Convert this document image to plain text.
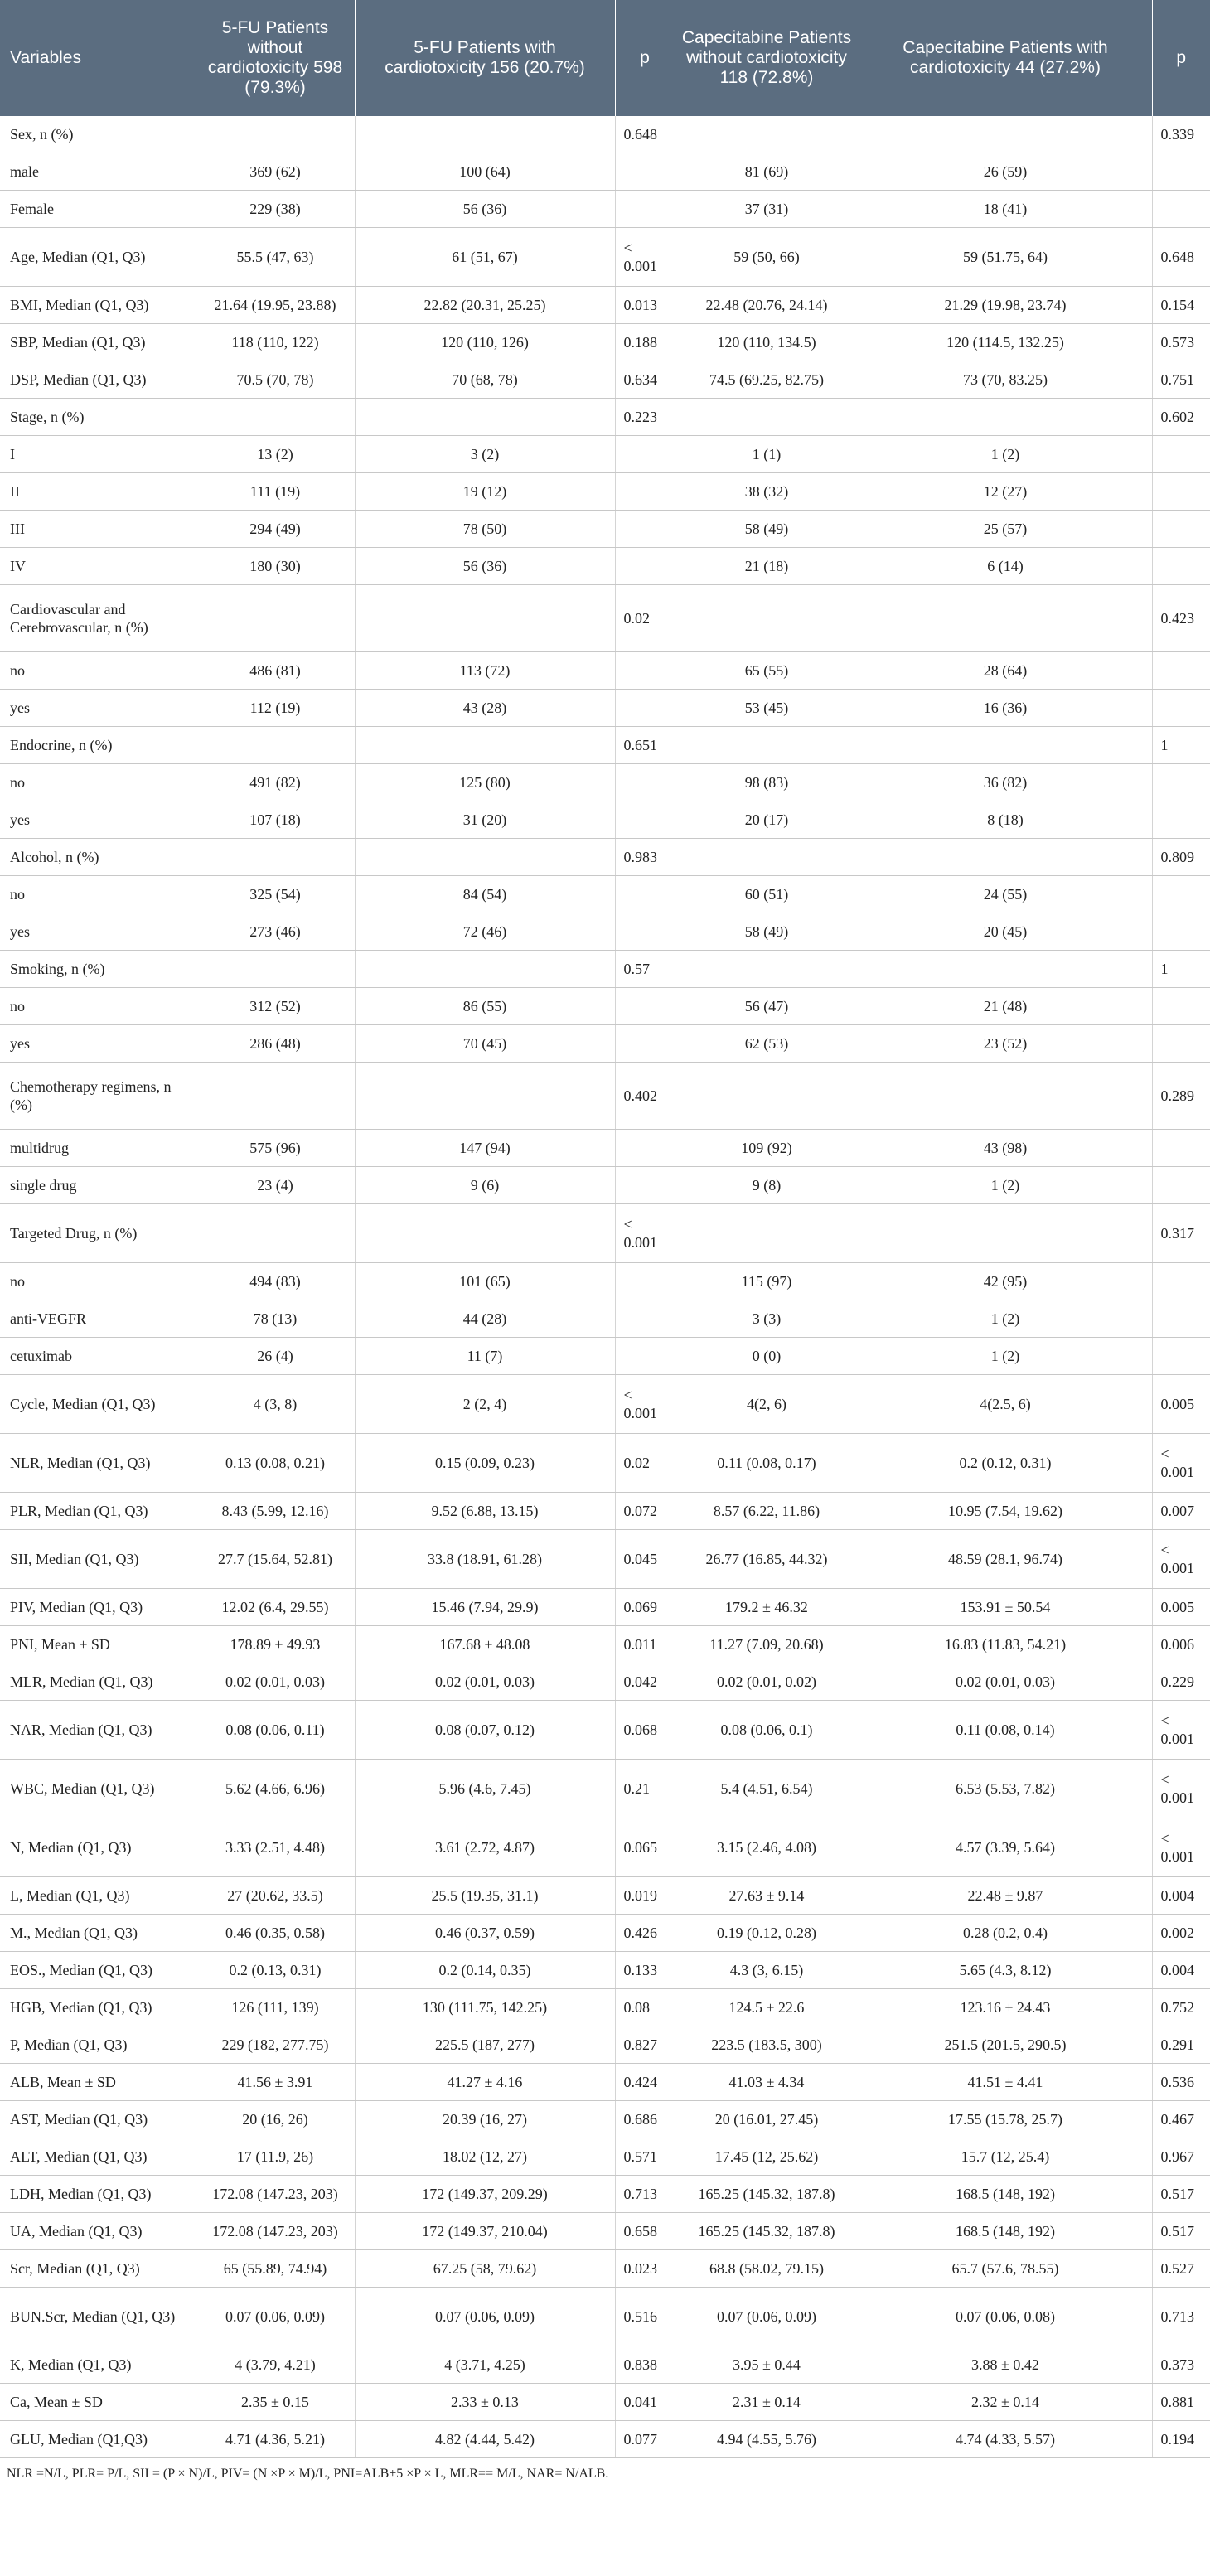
Variables	5-FU Patients without cardiotoxicity 598 (79.3%)	5-FU Patients with cardiotoxicity 156 (20.7%)	p	Capecitabine Patients without cardiotoxicity 118 (72.8%)	Capecitabine Patients with cardiotoxicity 44 (27.2%)	p
Sex, n (%)			0.648			0.339
male	369 (62)	100 (64)		81 (69)	26 (59)	
Female	229 (38)	56 (36)		37 (31)	18 (41)	
Age, Median (Q1, Q3)	55.5 (47, 63)	61 (51, 67)	< 0.001	59 (50, 66)	59 (51.75, 64)	0.648
BMI, Median (Q1, Q3)	21.64 (19.95, 23.88)	22.82 (20.31, 25.25)	0.013	22.48 (20.76, 24.14)	21.29 (19.98, 23.74)	0.154
SBP, Median (Q1, Q3)	118 (110, 122)	120 (110, 126)	0.188	120 (110, 134.5)	120 (114.5, 132.25)	0.573
DSP, Median (Q1, Q3)	70.5 (70, 78)	70 (68, 78)	0.634	74.5 (69.25, 82.75)	73 (70, 83.25)	0.751
Stage, n (%)			0.223			0.602
I	13 (2)	3 (2)		1 (1)	1 (2)	
II	111 (19)	19 (12)		38 (32)	12 (27)	
III	294 (49)	78 (50)		58 (49)	25 (57)	
IV	180 (30)	56 (36)		21 (18)	6 (14)	
Cardiovascular and Cerebrovascular, n (%)			0.02			0.423
no	486 (81)	113 (72)		65 (55)	28 (64)	
yes	112 (19)	43 (28)		53 (45)	16 (36)	
Endocrine, n (%)			0.651			1
no	491 (82)	125 (80)		98 (83)	36 (82)	
yes	107 (18)	31 (20)		20 (17)	8 (18)	
Alcohol, n (%)			0.983			0.809
no	325 (54)	84 (54)		60 (51)	24 (55)	
yes	273 (46)	72 (46)		58 (49)	20 (45)	
Smoking, n (%)			0.57			1
no	312 (52)	86 (55)		56 (47)	21 (48)	
yes	286 (48)	70 (45)		62 (53)	23 (52)	
Chemotherapy regimens, n (%)			0.402			0.289
multidrug	575 (96)	147 (94)		109 (92)	43 (98)	
single drug	23 (4)	9 (6)		9 (8)	1 (2)	
Targeted Drug, n (%)			< 0.001			0.317
no	494 (83)	101 (65)		115 (97)	42 (95)	
anti-VEGFR	78 (13)	44 (28)		3 (3)	1 (2)	
cetuximab	26 (4)	11 (7)		0 (0)	1 (2)	
Cycle, Median (Q1, Q3)	4 (3, 8)	2 (2, 4)	< 0.001	4(2, 6)	4(2.5, 6)	0.005
NLR, Median (Q1, Q3)	0.13 (0.08, 0.21)	0.15 (0.09, 0.23)	0.02	0.11 (0.08, 0.17)	0.2 (0.12, 0.31)	< 0.001
PLR, Median (Q1, Q3)	8.43 (5.99, 12.16)	9.52 (6.88, 13.15)	0.072	8.57 (6.22, 11.86)	10.95 (7.54, 19.62)	0.007
SII, Median (Q1, Q3)	27.7 (15.64, 52.81)	33.8 (18.91, 61.28)	0.045	26.77 (16.85, 44.32)	48.59 (28.1, 96.74)	< 0.001
PIV, Median (Q1, Q3)	12.02 (6.4, 29.55)	15.46 (7.94, 29.9)	0.069	179.2 ± 46.32	153.91 ± 50.54	0.005
PNI, Mean ± SD	178.89 ± 49.93	167.68 ± 48.08	0.011	11.27 (7.09, 20.68)	16.83 (11.83, 54.21)	0.006
MLR, Median (Q1, Q3)	0.02 (0.01, 0.03)	0.02 (0.01, 0.03)	0.042	0.02 (0.01, 0.02)	0.02 (0.01, 0.03)	0.229
NAR, Median (Q1, Q3)	0.08 (0.06, 0.11)	0.08 (0.07, 0.12)	0.068	0.08 (0.06, 0.1)	0.11 (0.08, 0.14)	< 0.001
WBC, Median (Q1, Q3)	5.62 (4.66, 6.96)	5.96 (4.6, 7.45)	0.21	5.4 (4.51, 6.54)	6.53 (5.53, 7.82)	< 0.001
N, Median (Q1, Q3)	3.33 (2.51, 4.48)	3.61 (2.72, 4.87)	0.065	3.15 (2.46, 4.08)	4.57 (3.39, 5.64)	< 0.001
L, Median (Q1, Q3)	27 (20.62, 33.5)	25.5 (19.35, 31.1)	0.019	27.63 ± 9.14	22.48 ± 9.87	0.004
M., Median (Q1, Q3)	0.46 (0.35, 0.58)	0.46 (0.37, 0.59)	0.426	0.19 (0.12, 0.28)	0.28 (0.2, 0.4)	0.002
EOS., Median (Q1, Q3)	0.2 (0.13, 0.31)	0.2 (0.14, 0.35)	0.133	4.3 (3, 6.15)	5.65 (4.3, 8.12)	0.004
HGB, Median (Q1, Q3)	126 (111, 139)	130 (111.75, 142.25)	0.08	124.5 ± 22.6	123.16 ± 24.43	0.752
P, Median (Q1, Q3)	229 (182, 277.75)	225.5 (187, 277)	0.827	223.5 (183.5, 300)	251.5 (201.5, 290.5)	0.291
ALB, Mean ± SD	41.56 ± 3.91	41.27 ± 4.16	0.424	41.03 ± 4.34	41.51 ± 4.41	0.536
AST, Median (Q1, Q3)	20 (16, 26)	20.39 (16, 27)	0.686	20 (16.01, 27.45)	17.55 (15.78, 25.7)	0.467
ALT, Median (Q1, Q3)	17 (11.9, 26)	18.02 (12, 27)	0.571	17.45 (12, 25.62)	15.7 (12, 25.4)	0.967
LDH, Median (Q1, Q3)	172.08 (147.23, 203)	172 (149.37, 209.29)	0.713	165.25 (145.32, 187.8)	168.5 (148, 192)	0.517
UA, Median (Q1, Q3)	172.08 (147.23, 203)	172 (149.37, 210.04)	0.658	165.25 (145.32, 187.8)	168.5 (148, 192)	0.517
Scr, Median (Q1, Q3)	65 (55.89, 74.94)	67.25 (58, 79.62)	0.023	68.8 (58.02, 79.15)	65.7 (57.6, 78.55)	0.527
BUN.Scr, Median (Q1, Q3)	0.07 (0.06, 0.09)	0.07 (0.06, 0.09)	0.516	0.07 (0.06, 0.09)	0.07 (0.06, 0.08)	0.713
K, Median (Q1, Q3)	4 (3.79, 4.21)	4 (3.71, 4.25)	0.838	3.95 ± 0.44	3.88 ± 0.42	0.373
Ca, Mean ± SD	2.35 ± 0.15	2.33 ± 0.13	0.041	2.31 ± 0.14	2.32 ± 0.14	0.881
GLU, Median (Q1,Q3)	4.71 (4.36, 5.21)	4.82 (4.44, 5.42)	0.077	4.94 (4.55, 5.76)	4.74 (4.33, 5.57)	0.194
NLR =N/L, PLR= P/L, SII = (P × N)/L, PIV= (N ×P × M)/L, PNI=ALB+5 ×P × L, MLR== M/L, NAR= N/ALB.
